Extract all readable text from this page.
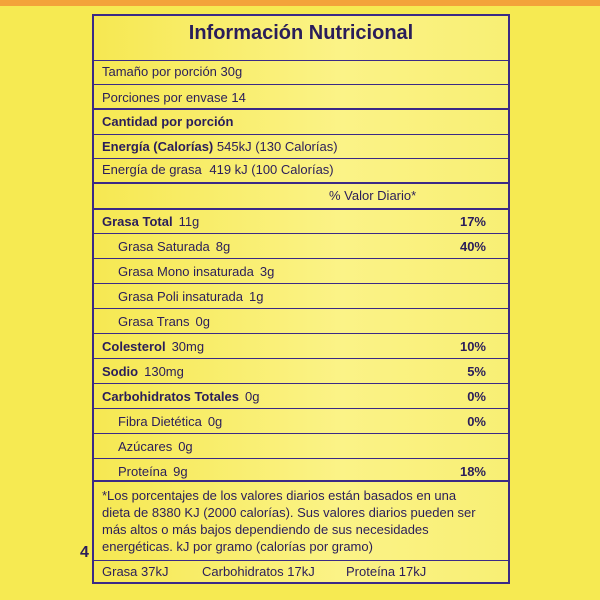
4
Información Nutricional
Tamaño por porción 30g
Porciones por envase 14
Cantidad por porción
Energía (Calorías) 545kJ (130 Calorías)
Energía de grasa 419 kJ (100 Calorías)
% Valor Diario*
Grasa Total 11g	17%
Grasa Saturada 8g	40%
Grasa Mono insaturada 3g
Grasa Poli insaturada 1g
Grasa Trans 0g
Colesterol 30mg	10%
Sodio 130mg	5%
Carbohidratos Totales 0g	0%
Fibra Dietética 0g	0%
Azúcares 0g
Proteína 9g	18%
*Los porcentajes de los valores diarios están basados en una
dieta de 8380 KJ (2000 calorías). Sus valores diarios pueden ser
más altos o más bajos dependiendo de sus necesidades
energéticas. kJ por gramo (calorías por gramo)
Grasa 37kJ	Carbohidratos 17kJ Proteína 17kJ
